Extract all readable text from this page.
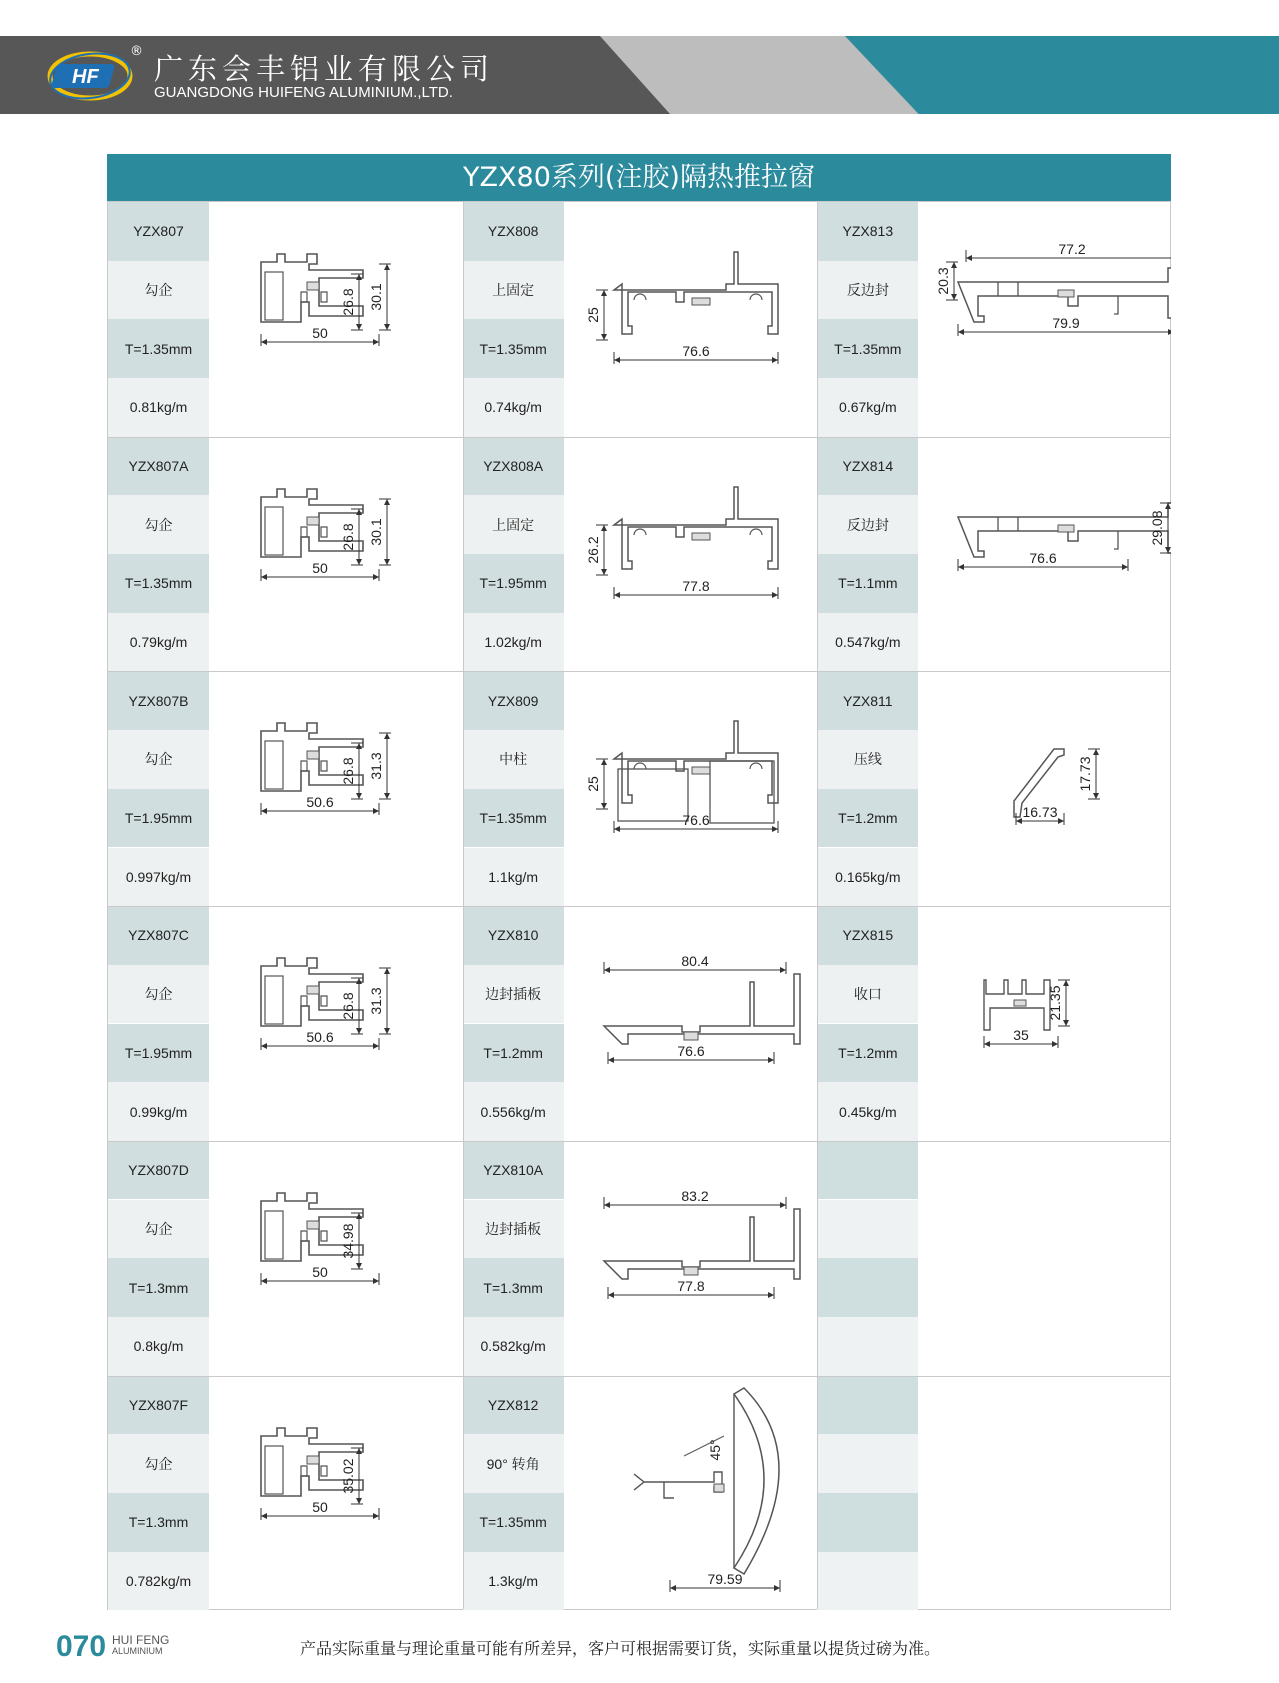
HF
®
广东会丰铝业有限公司
GUANGDONG HUIFENG ALUMINIUM.,LTD.
YZX80系列(注胶)隔热推拉窗
YZX807
勾企
T=1.35mm
0.81kg/m
26.8 30.1
50
YZX808
上固定
T=1.35mm
0.74kg/m
25
76.6
YZX813
反边封
T=1.35mm
0.67kg/m
77.2
20.3
79.9
YZX807A
勾企
T=1.35mm
0.79kg/m
26.8 30.1
50
YZX808A
上固定
T=1.95mm
1.02kg/m
26.2
77.8
YZX814
反边封
T=1.1mm
0.547kg/m
29.08
76.6
YZX807B
勾企
T=1.95mm
0.997kg/m
26.8 31.3
50.6
YZX809
中柱
T=1.35mm
1.1kg/m
25
76.6
YZX811
压线
T=1.2mm
0.165kg/m
17.73
16.73
YZX807C
勾企
T=1.95mm
0.99kg/m
26.8 31.3
50.6
YZX810
边封插板
T=1.2mm
0.556kg/m
80.4
76.6
YZX815
收口
T=1.2mm
0.45kg/m
21.35
35
YZX807D
勾企
T=1.3mm
0.8kg/m
34.98
50
YZX810A
边封插板
T=1.3mm
0.582kg/m
83.2
77.8
YZX807F
勾企
T=1.3mm
0.782kg/m
35.02
50
YZX812
90° 转角
T=1.35mm
1.3kg/m
45°
79.59
070 HUI FENG
ALUMINIUM	产品实际重量与理论重量可能有所差异，客户可根据需要订货，实际重量以提货过磅为准。
